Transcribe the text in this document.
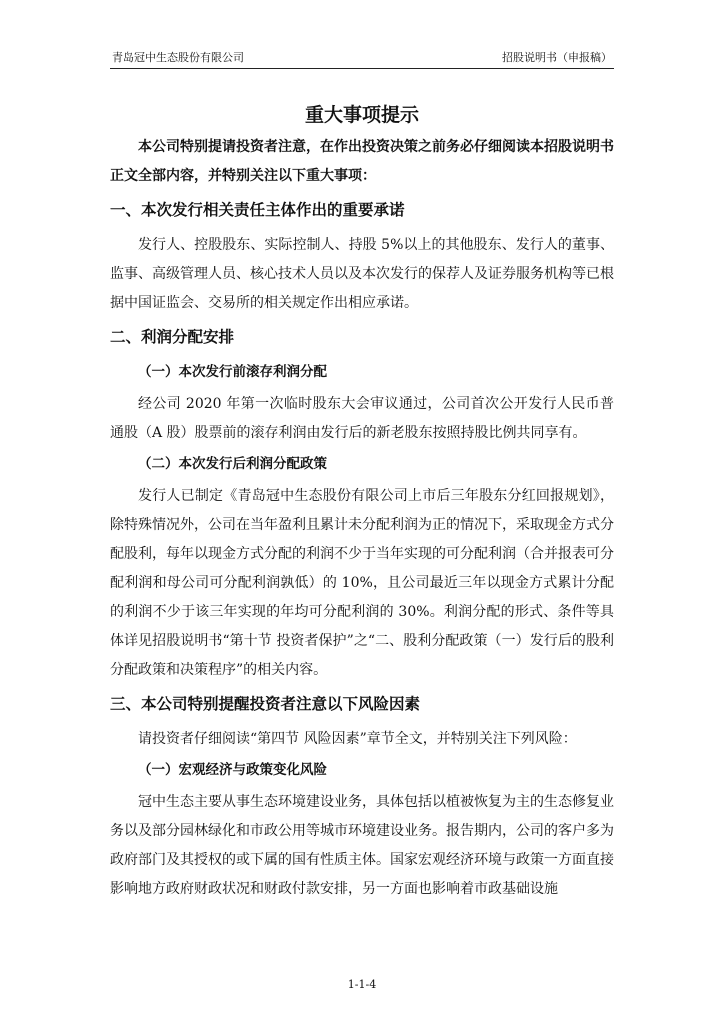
青岛冠中生态股份有限公司	招股说明书（申报稿）
重大事项提示

本公司特别提请投资者注意，在作出投资决策之前务必仔细阅读本招股说明书正文全部内容，并特别关注以下重大事项：

一、本次发行相关责任主体作出的重要承诺

发行人、控股股东、实际控制人、持股 5%以上的其他股东、发行人的董事、监事、高级管理人员、核心技术人员以及本次发行的保荐人及证券服务机构等已根据中国证监会、交易所的相关规定作出相应承诺。

二、利润分配安排
（一）本次发行前滚存利润分配

经公司 2020 年第一次临时股东大会审议通过，公司首次公开发行人民币普通股（A 股）股票前的滚存利润由发行后的新老股东按照持股比例共同享有。

（二）本次发行后利润分配政策

发行人已制定《青岛冠中生态股份有限公司上市后三年股东分红回报规划》，除特殊情况外，公司在当年盈利且累计未分配利润为正的情况下，采取现金方式分配股利，每年以现金方式分配的利润不少于当年实现的可分配利润（合并报表可分配利润和母公司可分配利润孰低）的 10%，且公司最近三年以现金方式累计分配的利润不少于该三年实现的年均可分配利润的 30%。利润分配的形式、条件等具体详见招股说明书“第十节 投资者保护”之“二、股利分配政策（一）发行后的股利分配政策和决策程序”的相关内容。

三、本公司特别提醒投资者注意以下风险因素

请投资者仔细阅读“第四节 风险因素”章节全文，并特别关注下列风险：

（一）宏观经济与政策变化风险

冠中生态主要从事生态环境建设业务，具体包括以植被恢复为主的生态修复业务以及部分园林绿化和市政公用等城市环境建设业务。报告期内，公司的客户多为政府部门及其授权的或下属的国有性质主体。国家宏观经济环境与政策一方面直接影响地方政府财政状况和财政付款安排，另一方面也影响着市政基础设施

1-1-4
